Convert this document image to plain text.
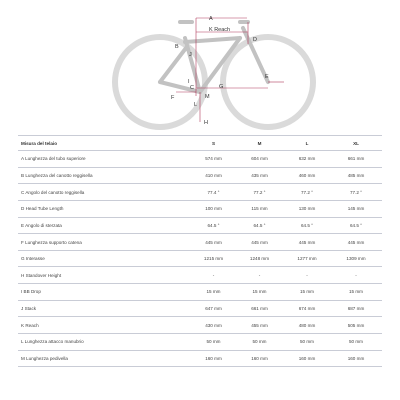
A
K Reach
B
D
J
I
E
C	G
F	M
L
H
Misura del telaio	S	M	L	XL
A Lunghezza del tubo superiore	574 mm	604 mm	632 mm	661 mm
B Lunghezza del canotto reggisella	410 mm	435 mm	460 mm	485 mm
C Angolo del canotto reggisella	77.4 °	77.2 °	77.2 °	77.2 °
D Head Tube Length	100 mm	115 mm	130 mm	145 mm
E Angolo di sterzata	64.5 °	64.5 °	64.5 °	64.5 °
F Lunghezza supporto catena	445 mm	445 mm	445 mm	445 mm
G Interasse	1215 mm	1248 mm	1277 mm	1309 mm
H Standover Height	-	-	-	-
I BB Drop	15 mm	15 mm	15 mm	15 mm
J Stack	647 mm	661 mm	674 mm	687 mm
K Reach	430 mm	455 mm	480 mm	505 mm
L Lunghezza attacco manubrio	50 mm	50 mm	50 mm	50 mm
M Lunghezza pedivella	160 mm	160 mm	160 mm	160 mm
